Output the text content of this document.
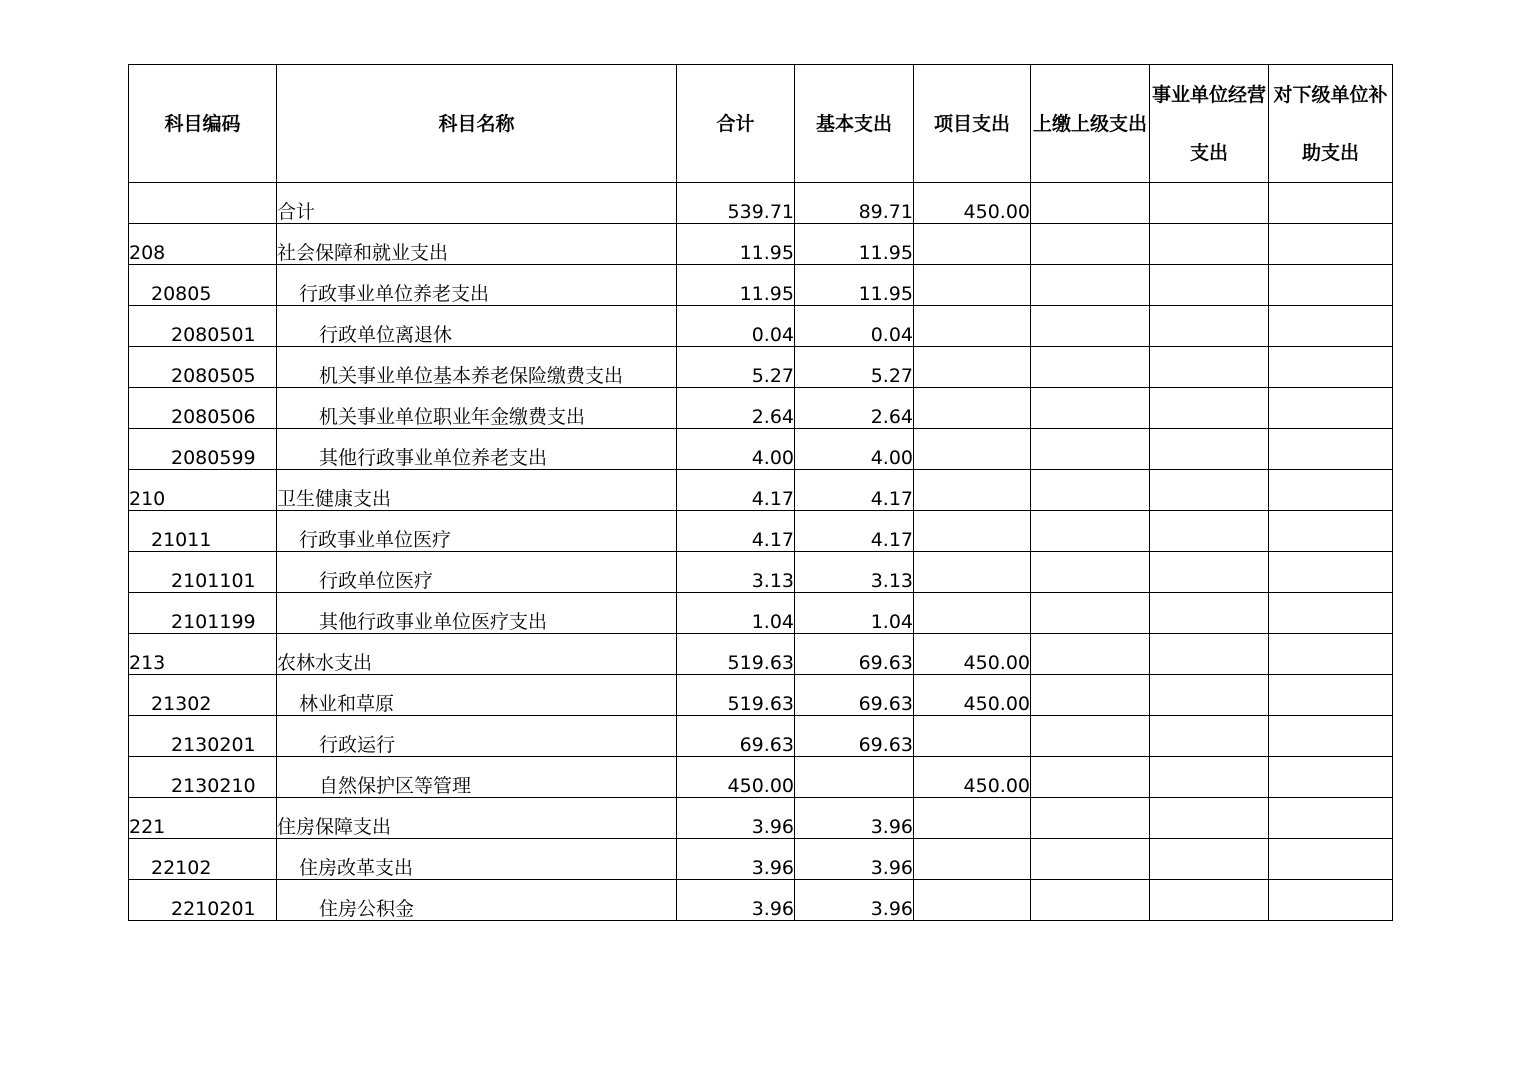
科目编码	科目名称	合计	基本支出	项目支出	上缴上级支出	事业单位经营支出	对下级单位补助支出
	合计	539.71	89.71	450.00			
208	社会保障和就业支出	11.95	11.95				
20805	行政事业单位养老支出	11.95	11.95				
2080501	行政单位离退休	0.04	0.04				
2080505	机关事业单位基本养老保险缴费支出	5.27	5.27				
2080506	机关事业单位职业年金缴费支出	2.64	2.64				
2080599	其他行政事业单位养老支出	4.00	4.00				
210	卫生健康支出	4.17	4.17				
21011	行政事业单位医疗	4.17	4.17				
2101101	行政单位医疗	3.13	3.13				
2101199	其他行政事业单位医疗支出	1.04	1.04				
213	农林水支出	519.63	69.63	450.00			
21302	林业和草原	519.63	69.63	450.00			
2130201	行政运行	69.63	69.63				
2130210	自然保护区等管理	450.00		450.00			
221	住房保障支出	3.96	3.96				
22102	住房改革支出	3.96	3.96				
2210201	住房公积金	3.96	3.96				
